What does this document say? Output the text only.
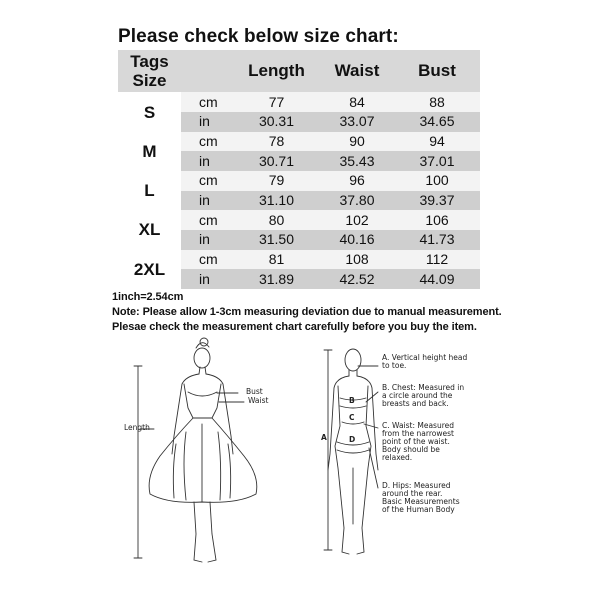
Please check below size chart:
Tags
Size		Length	Waist	Bust
S	cm	77	84	88
	in	30.31	33.07	34.65
M	cm	78	90	94
	in	30.71	35.43	37.01
L	cm	79	96	100
	in	31.10	37.80	39.37
XL	cm	80	102	106
	in	31.50	40.16	41.73
2XL	cm	81	108	112
	in	31.89	42.52	44.09
1inch=2.54cm
Note: Please allow 1-3cm measuring deviation due to manual measurement.
Plesae check the measurement chart carefully before you buy the item.
Bust
Waist
Length
A
B
C
D
A. Vertical height head
to toe.
B. Chest: Measured in
a circle around the
breasts and back.
C. Waist: Measured
from the narrowest
point of the waist.
Body should be
relaxed.
D. Hips: Measured
around the rear.
Basic Measurements
of the Human Body
